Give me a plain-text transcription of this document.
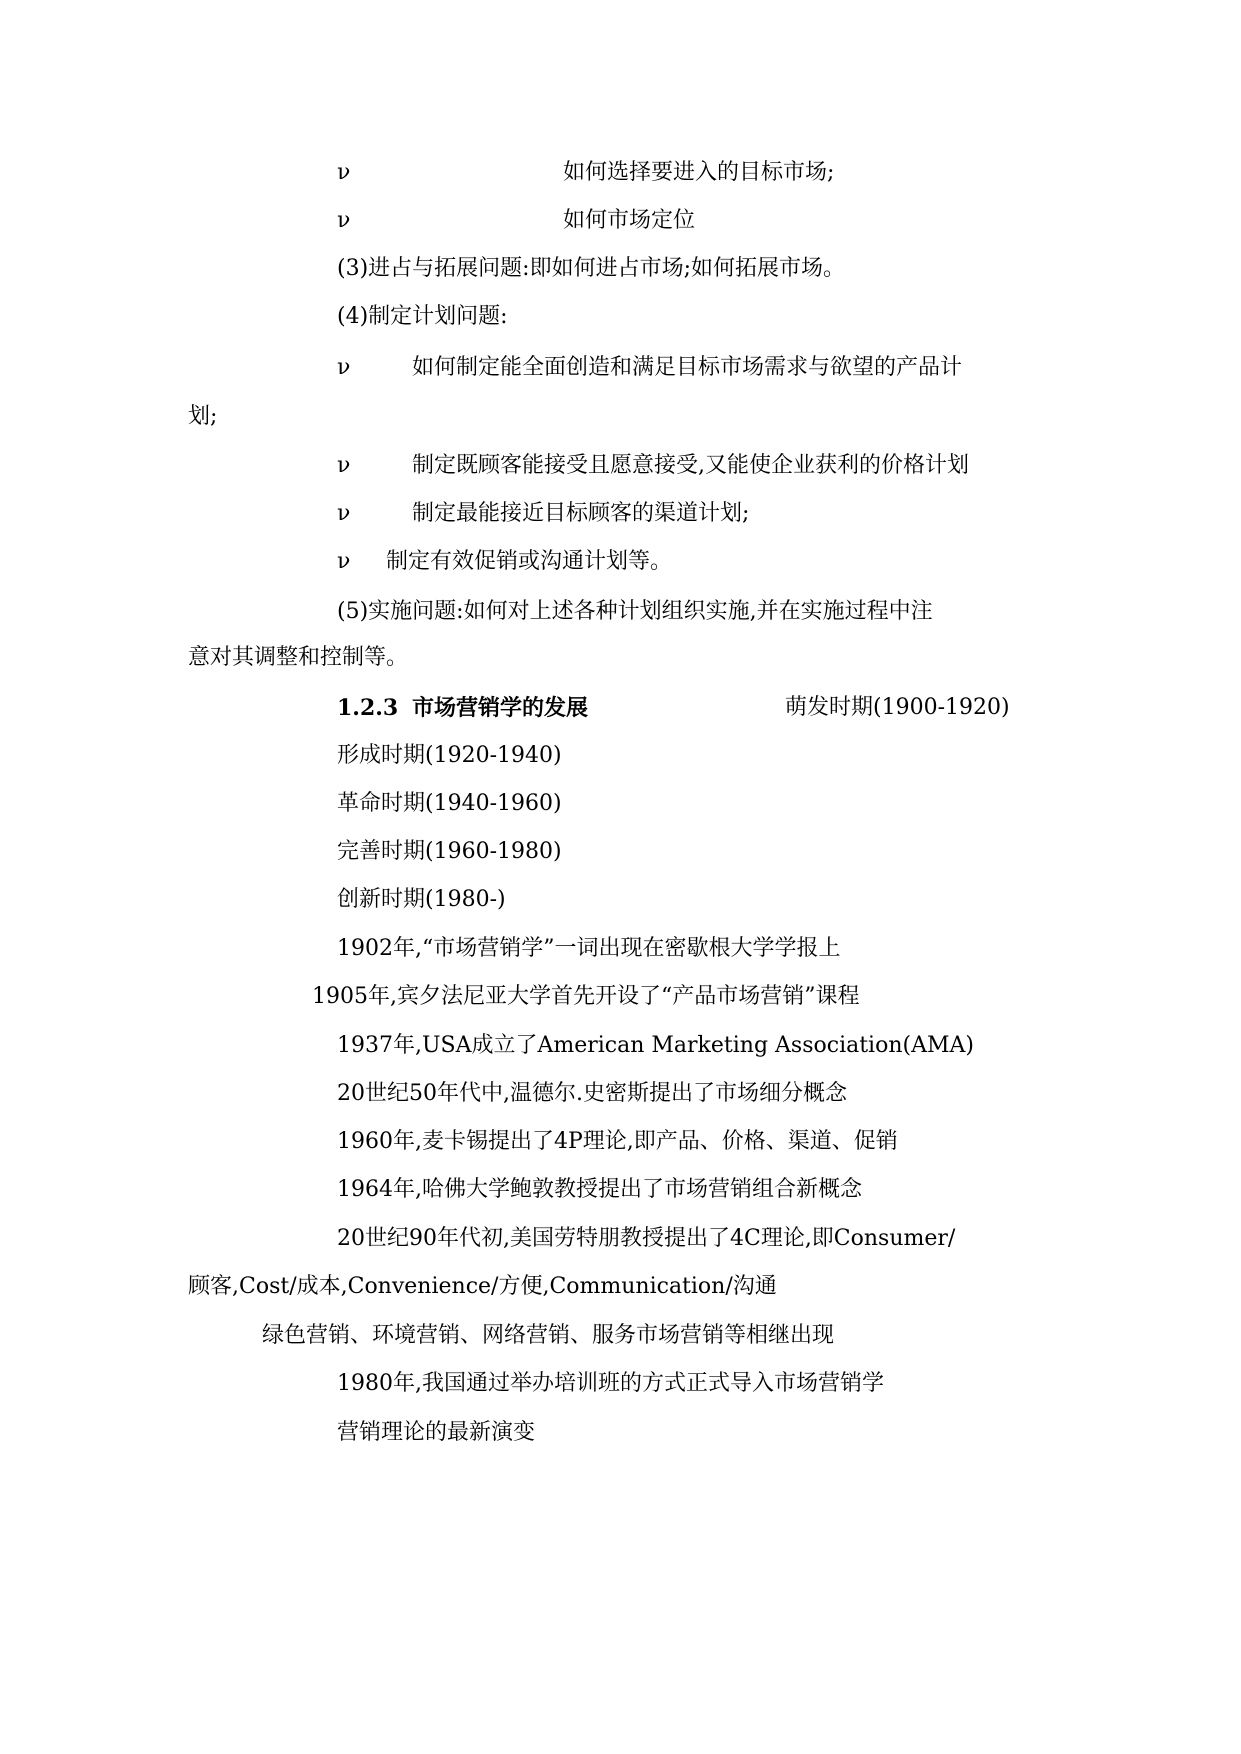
ν	如何选择要进入的目标市场;
ν	如何市场定位
(3)进占与拓展问题:即如何进占市场;如何拓展市场。
(4)制定计划问题:
ν	如何制定能全面创造和满足目标市场需求与欲望的产品计
划;
ν	制定既顾客能接受且愿意接受,又能使企业获利的价格计划
ν	制定最能接近目标顾客的渠道计划;
ν 制定有效促销或沟通计划等。
(5)实施问题:如何对上述各种计划组织实施,并在实施过程中注
意对其调整和控制等。
1.2.3 市场营销学的发展	萌发时期(1900-1920)
形成时期(1920-1940)
革命时期(1940-1960)
完善时期(1960-1980)
创新时期(1980-)
1902年,“市场营销学”一词出现在密歇根大学学报上
1905年,宾夕法尼亚大学首先开设了“产品市场营销”课程
1937年,USA成立了American Marketing Association(AMA)
20世纪50年代中,温德尔.史密斯提出了市场细分概念
1960年,麦卡锡提出了4P理论,即产品、价格、渠道、促销
1964年,哈佛大学鲍敦教授提出了市场营销组合新概念
20世纪90年代初,美国劳特朋教授提出了4C理论,即Consumer/
顾客,Cost/成本,Convenience/方便,Communication/沟通
绿色营销、环境营销、网络营销、服务市场营销等相继出现
1980年,我国通过举办培训班的方式正式导入市场营销学
营销理论的最新演变
